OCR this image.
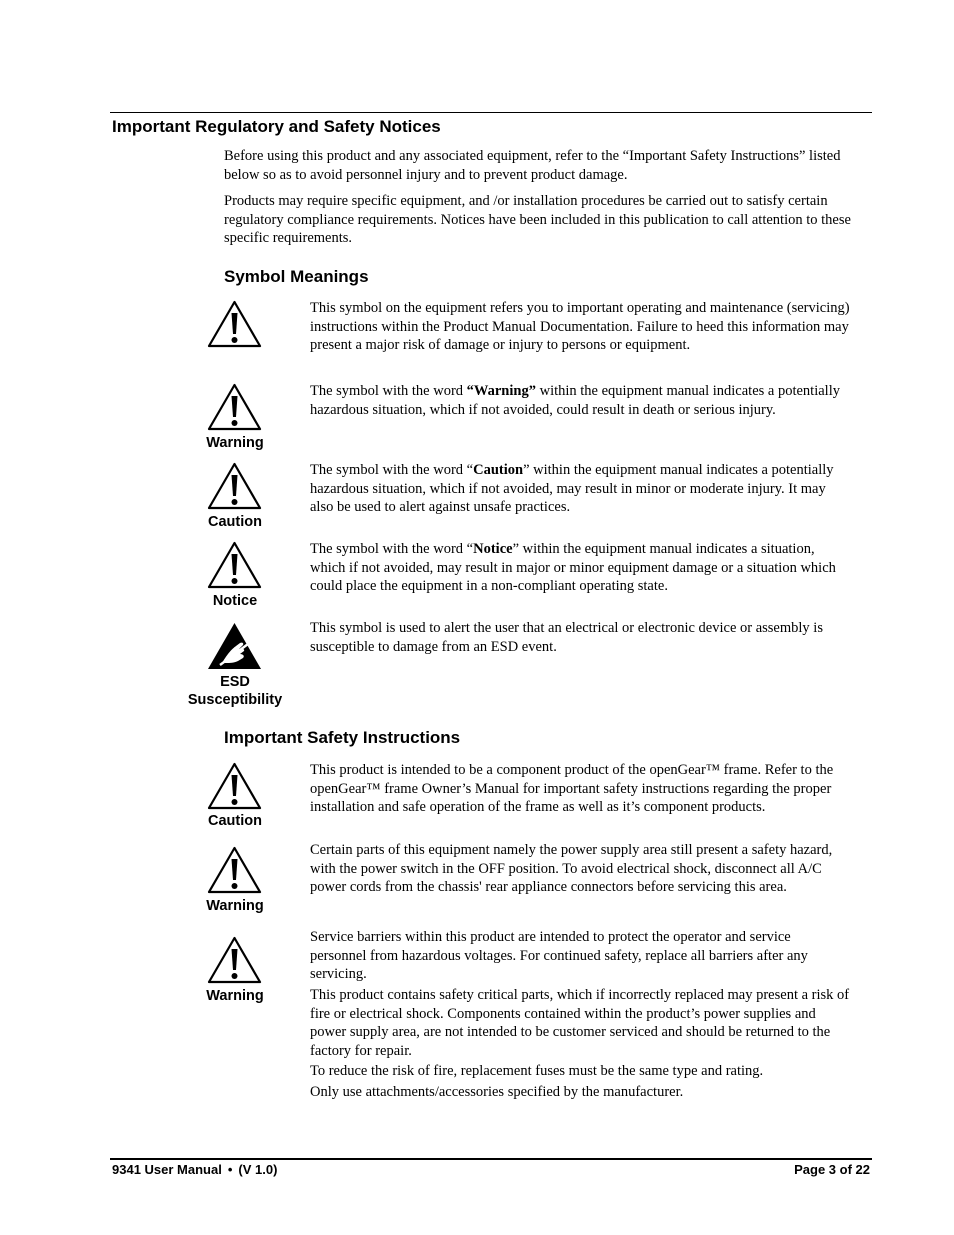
Important Regulatory and Safety Notices

Before using this product and any associated equipment, refer to the “Important Safety Instructions” listed below so as to avoid personnel injury and to prevent product damage.

Products may require specific equipment, and /or installation procedures be carried out to satisfy certain regulatory compliance requirements. Notices have been included in this publication to call attention to these specific requirements.

Symbol Meanings

This symbol on the equipment refers you to important operating and maintenance (servicing) instructions within the Product Manual Documentation. Failure to heed this information may present a major risk of damage or injury to persons or equipment.

Warning

The symbol with the word “Warning” within the equipment manual indicates a potentially hazardous situation, which if not avoided, could result in death or serious injury.

Caution

The symbol with the word “Caution” within the equipment manual indicates a potentially hazardous situation, which if not avoided, may result in minor or moderate injury. It may also be used to alert against unsafe practices.

Notice

The symbol with the word “Notice” within the equipment manual indicates a situation, which if not avoided, may result in major or minor equipment damage or a situation which could place the equipment in a non-compliant operating state.

ESD

Susceptibility

This symbol is used to alert the user that an electrical or electronic device or assembly is susceptible to damage from an ESD event.

Important Safety Instructions

Caution

This product is intended to be a component product of the openGear™ frame. Refer to the openGear™ frame Owner’s Manual for important safety instructions regarding the proper installation and safe operation of the frame as well as it’s component products.

Warning

Certain parts of this equipment namely the power supply area still present a safety hazard, with the power switch in the OFF position. To avoid electrical shock, disconnect all A/C power cords from the chassis' rear appliance connectors before servicing this area.

Warning

Service barriers within this product are intended to protect the operator and service personnel from hazardous voltages. For continued safety, replace all barriers after any servicing.

This product contains safety critical parts, which if incorrectly replaced may present a risk of fire or electrical shock. Components contained within the product’s power supplies and power supply area, are not intended to be customer serviced and should be returned to the factory for repair.

To reduce the risk of fire, replacement fuses must be the same type and rating.

Only use attachments/accessories specified by the manufacturer.

9341 User Manual • (V 1.0)	Page 3 of 22
